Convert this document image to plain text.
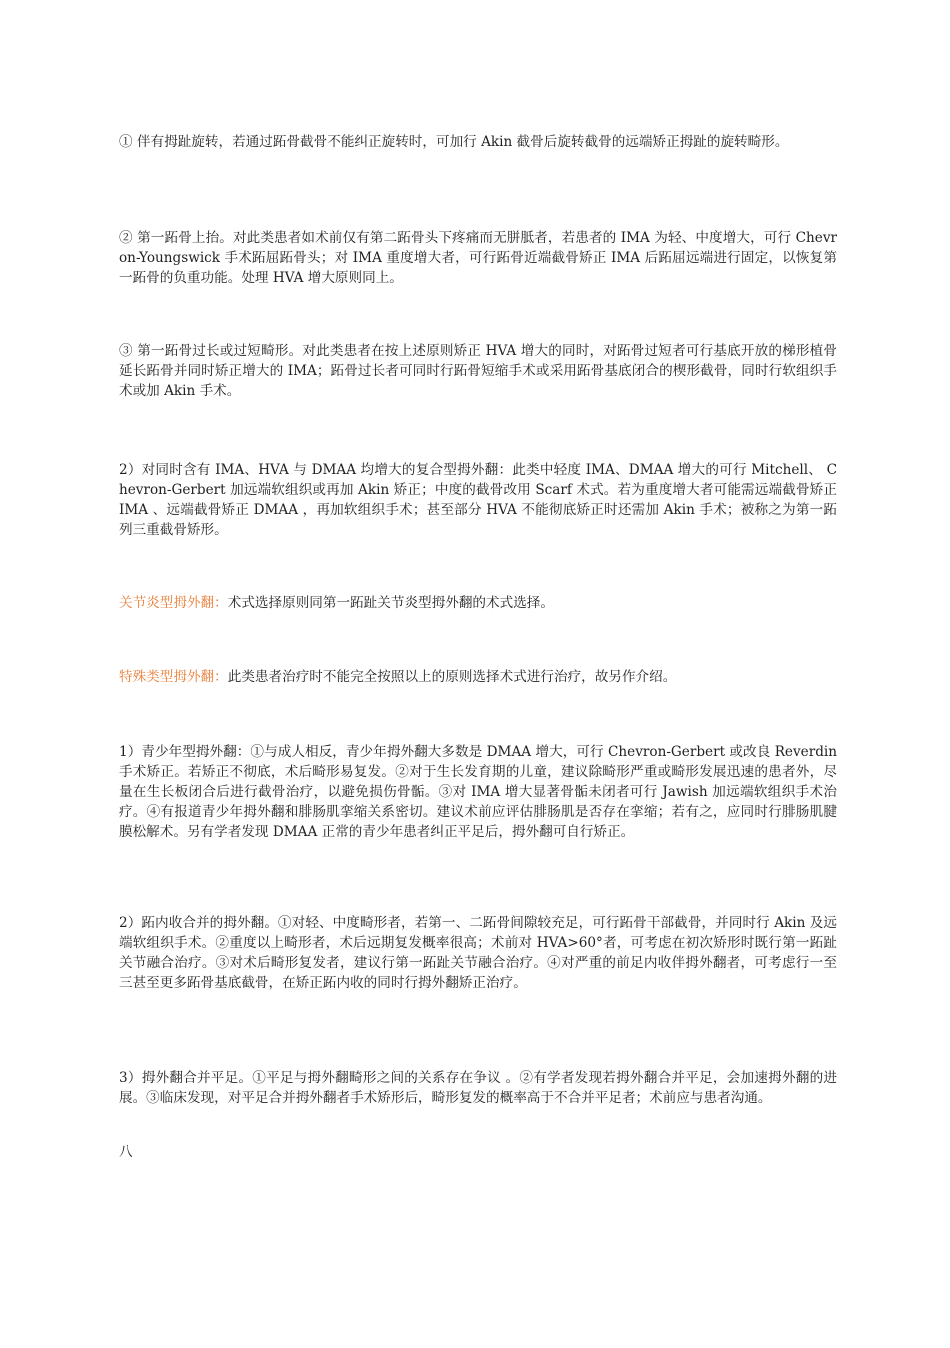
① 伴有拇趾旋转，若通过跖骨截骨不能纠正旋转时，可加行 Akin 截骨后旋转截骨的远端矫正拇趾的旋转畸形。

② 第一跖骨上抬。对此类患者如术前仅有第二跖骨头下疼痛而无胼胝者，若患者的 IMA 为轻、中度增大，可行 Chevron-Youngswick 手术跖屈跖骨头；对 IMA 重度增大者，可行跖骨近端截骨矫正 IMA 后跖屈远端进行固定，以恢复第一跖骨的负重功能。处理 HVA 增大原则同上。

③ 第一跖骨过长或过短畸形。对此类患者在按上述原则矫正 HVA 增大的同时，对跖骨过短者可行基底开放的梯形植骨延长跖骨并同时矫正增大的 IMA；跖骨过长者可同时行跖骨短缩手术或采用跖骨基底闭合的楔形截骨，同时行软组织手术或加 Akin 手术。

2）对同时含有 IMA、HVA 与 DMAA 均增大的复合型拇外翻：此类中轻度 IMA、DMAA 增大的可行 Mitchell、 Chevron-Gerbert 加远端软组织或再加 Akin 矫正；中度的截骨改用 Scarf 术式。若为重度增大者可能需远端截骨矫正 IMA 、远端截骨矫正 DMAA ，再加软组织手术；甚至部分 HVA 不能彻底矫正时还需加 Akin 手术；被称之为第一跖列三重截骨矫形。

关节炎型拇外翻：术式选择原则同第一跖趾关节炎型拇外翻的术式选择。

特殊类型拇外翻：此类患者治疗时不能完全按照以上的原则选择术式进行治疗，故另作介绍。

1）青少年型拇外翻：①与成人相反，青少年拇外翻大多数是 DMAA 增大，可行 Chevron-Gerbert 或改良 Reverdin 手术矫正。若矫正不彻底，术后畸形易复发。②对于生长发育期的儿童，建议除畸形严重或畸形发展迅速的患者外，尽量在生长板闭合后进行截骨治疗，以避免损伤骨骺。③对 IMA 增大显著骨骺未闭者可行 Jawish 加远端软组织手术治疗。④有报道青少年拇外翻和腓肠肌挛缩关系密切。建议术前应评估腓肠肌是否存在挛缩；若有之，应同时行腓肠肌腱膜松解术。另有学者发现 DMAA 正常的青少年患者纠正平足后，拇外翻可自行矫正。

2）跖内收合并的拇外翻。①对轻、中度畸形者，若第一、二跖骨间隙较充足，可行跖骨干部截骨，并同时行 Akin 及远端软组织手术。②重度以上畸形者，术后远期复发概率很高；术前对 HVA>60°者，可考虑在初次矫形时既行第一跖趾关节融合治疗。③对术后畸形复发者，建议行第一跖趾关节融合治疗。④对严重的前足内收伴拇外翻者，可考虑行一至三甚至更多跖骨基底截骨，在矫正跖内收的同时行拇外翻矫正治疗。

3）拇外翻合并平足。①平足与拇外翻畸形之间的关系存在争议 。②有学者发现若拇外翻合并平足，会加速拇外翻的进展。③临床发现，对平足合并拇外翻者手术矫形后，畸形复发的概率高于不合并平足者；术前应与患者沟通。

八
